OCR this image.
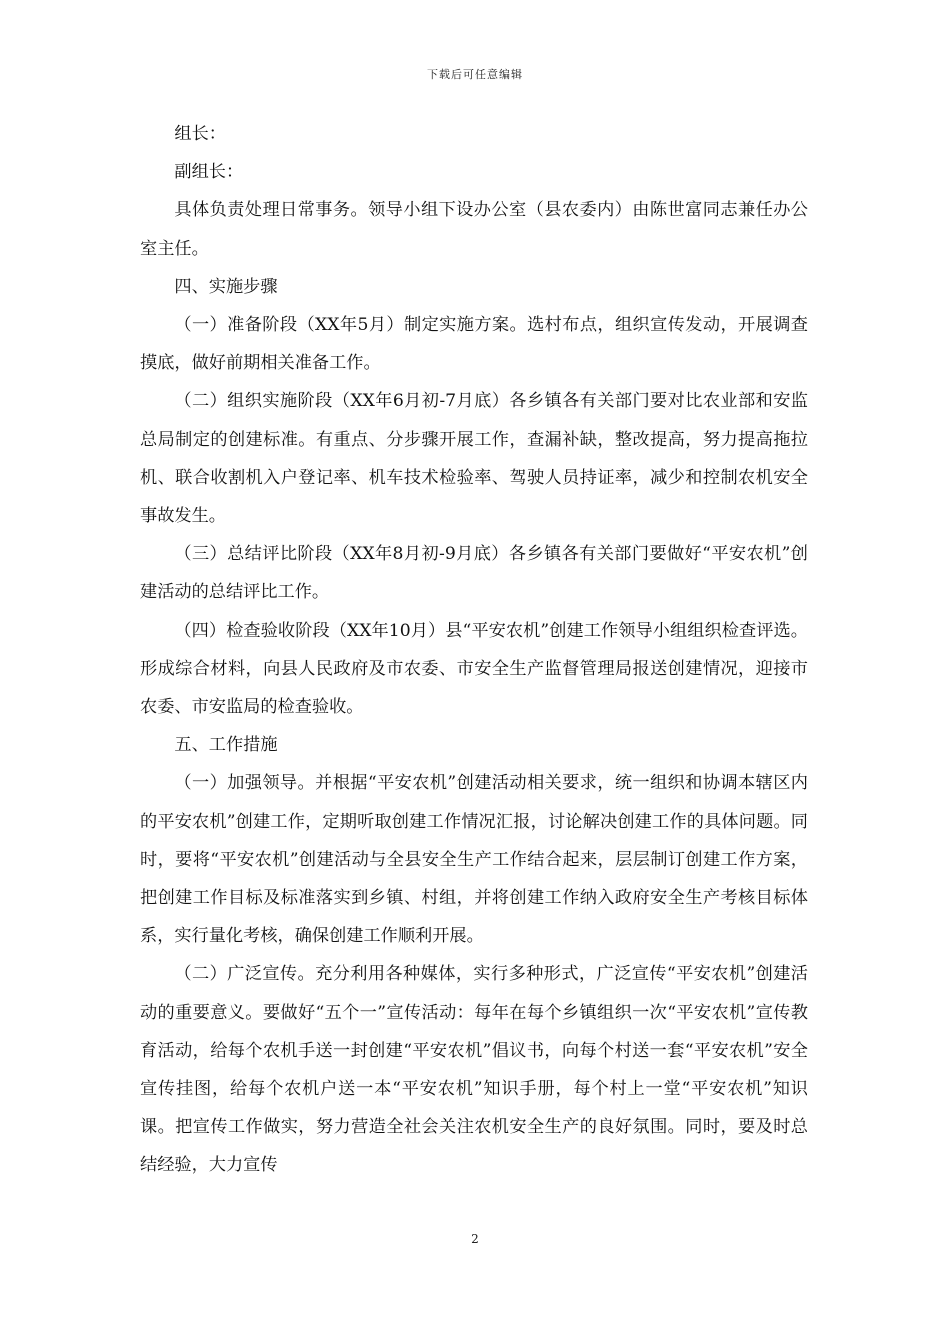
下载后可任意编辑

组长：

副组长：

具体负责处理日常事务。领导小组下设办公室（县农委内）由陈世富同志兼任办公室主任。

四、实施步骤

（一）准备阶段（XX年5月）制定实施方案。选村布点，组织宣传发动，开展调查摸底，做好前期相关准备工作。

（二）组织实施阶段（XX年6月初-7月底）各乡镇各有关部门要对比农业部和安监总局制定的创建标准。有重点、分步骤开展工作，查漏补缺，整改提高，努力提高拖拉机、联合收割机入户登记率、机车技术检验率、驾驶人员持证率，减少和控制农机安全事故发生。

（三）总结评比阶段（XX年8月初-9月底）各乡镇各有关部门要做好“平安农机”创建活动的总结评比工作。

（四）检查验收阶段（XX年10月）县“平安农机”创建工作领导小组组织检查评选。形成综合材料，向县人民政府及市农委、市安全生产监督管理局报送创建情况，迎接市农委、市安监局的检查验收。

五、工作措施

（一）加强领导。并根据“平安农机”创建活动相关要求，统一组织和协调本辖区内的平安农机”创建工作，定期听取创建工作情况汇报，讨论解决创建工作的具体问题。同时，要将“平安农机”创建活动与全县安全生产工作结合起来，层层制订创建工作方案，把创建工作目标及标准落实到乡镇、村组，并将创建工作纳入政府安全生产考核目标体系，实行量化考核，确保创建工作顺利开展。

（二）广泛宣传。充分利用各种媒体，实行多种形式，广泛宣传“平安农机”创建活动的重要意义。要做好“五个一”宣传活动：每年在每个乡镇组织一次“平安农机”宣传教育活动，给每个农机手送一封创建“平安农机”倡议书，向每个村送一套“平安农机”安全宣传挂图，给每个农机户送一本“平安农机”知识手册，每个村上一堂“平安农机”知识课。把宣传工作做实，努力营造全社会关注农机安全生产的良好氛围。同时，要及时总结经验，大力宣传

2
